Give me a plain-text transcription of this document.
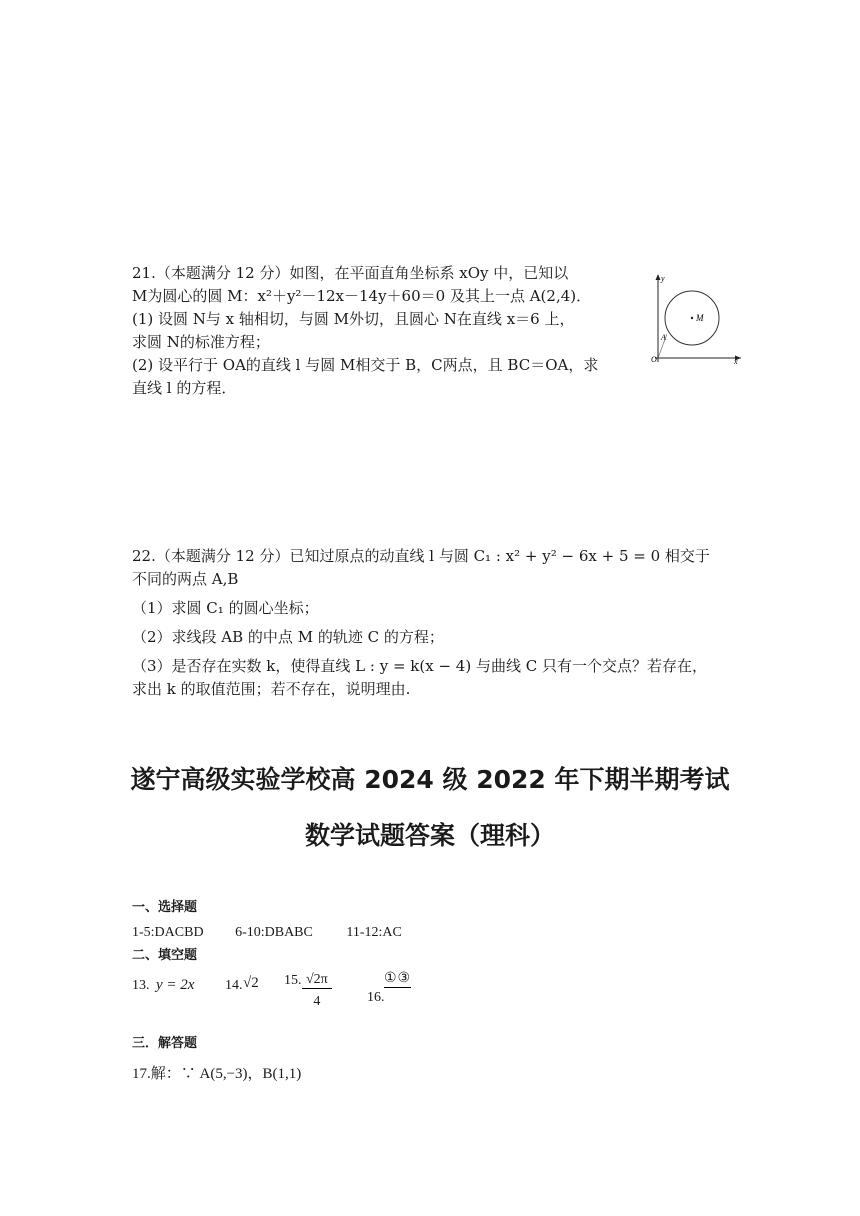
21.（本题满分 12 分）如图，在平面直角坐标系 xOy 中，已知以
M为圆心的圆 M：x²＋y²－12x－14y＋60＝0 及其上一点 A(2,4)．
(1) 设圆 N与 x 轴相切，与圆 M外切，且圆心 N在直线 x＝6 上，
求圆 N的标准方程；
(2) 设平行于 OA的直线 l 与圆 M相交于 B，C两点，且 BC＝OA，求
直线 l 的方程．
M
A
O
y
x
22.（本题满分 12 分）已知过原点的动直线 l 与圆 C₁ : x² + y² − 6x + 5 = 0 相交于
不同的两点 A,B
（1）求圆 C₁ 的圆心坐标；
（2）求线段 AB 的中点 M 的轨迹 C 的方程；
（3）是否存在实数 k，使得直线 L : y = k(x − 4) 与曲线 C 只有一个交点？若存在，
求出 k 的取值范围；若不存在，说明理由.
遂宁高级实验学校高 2024 级 2022 年下期半期考试
数学试题答案（理科）
一、选择题
1-5:DACBD 6-10:DBABC 11-12:AC
二、填空题
13. y = 2x 14. √2 15. $\frac{√2\pi}{4}$	16.
①③
三．解答题
17.解：∵ A(5,−3)，B(1,1)
